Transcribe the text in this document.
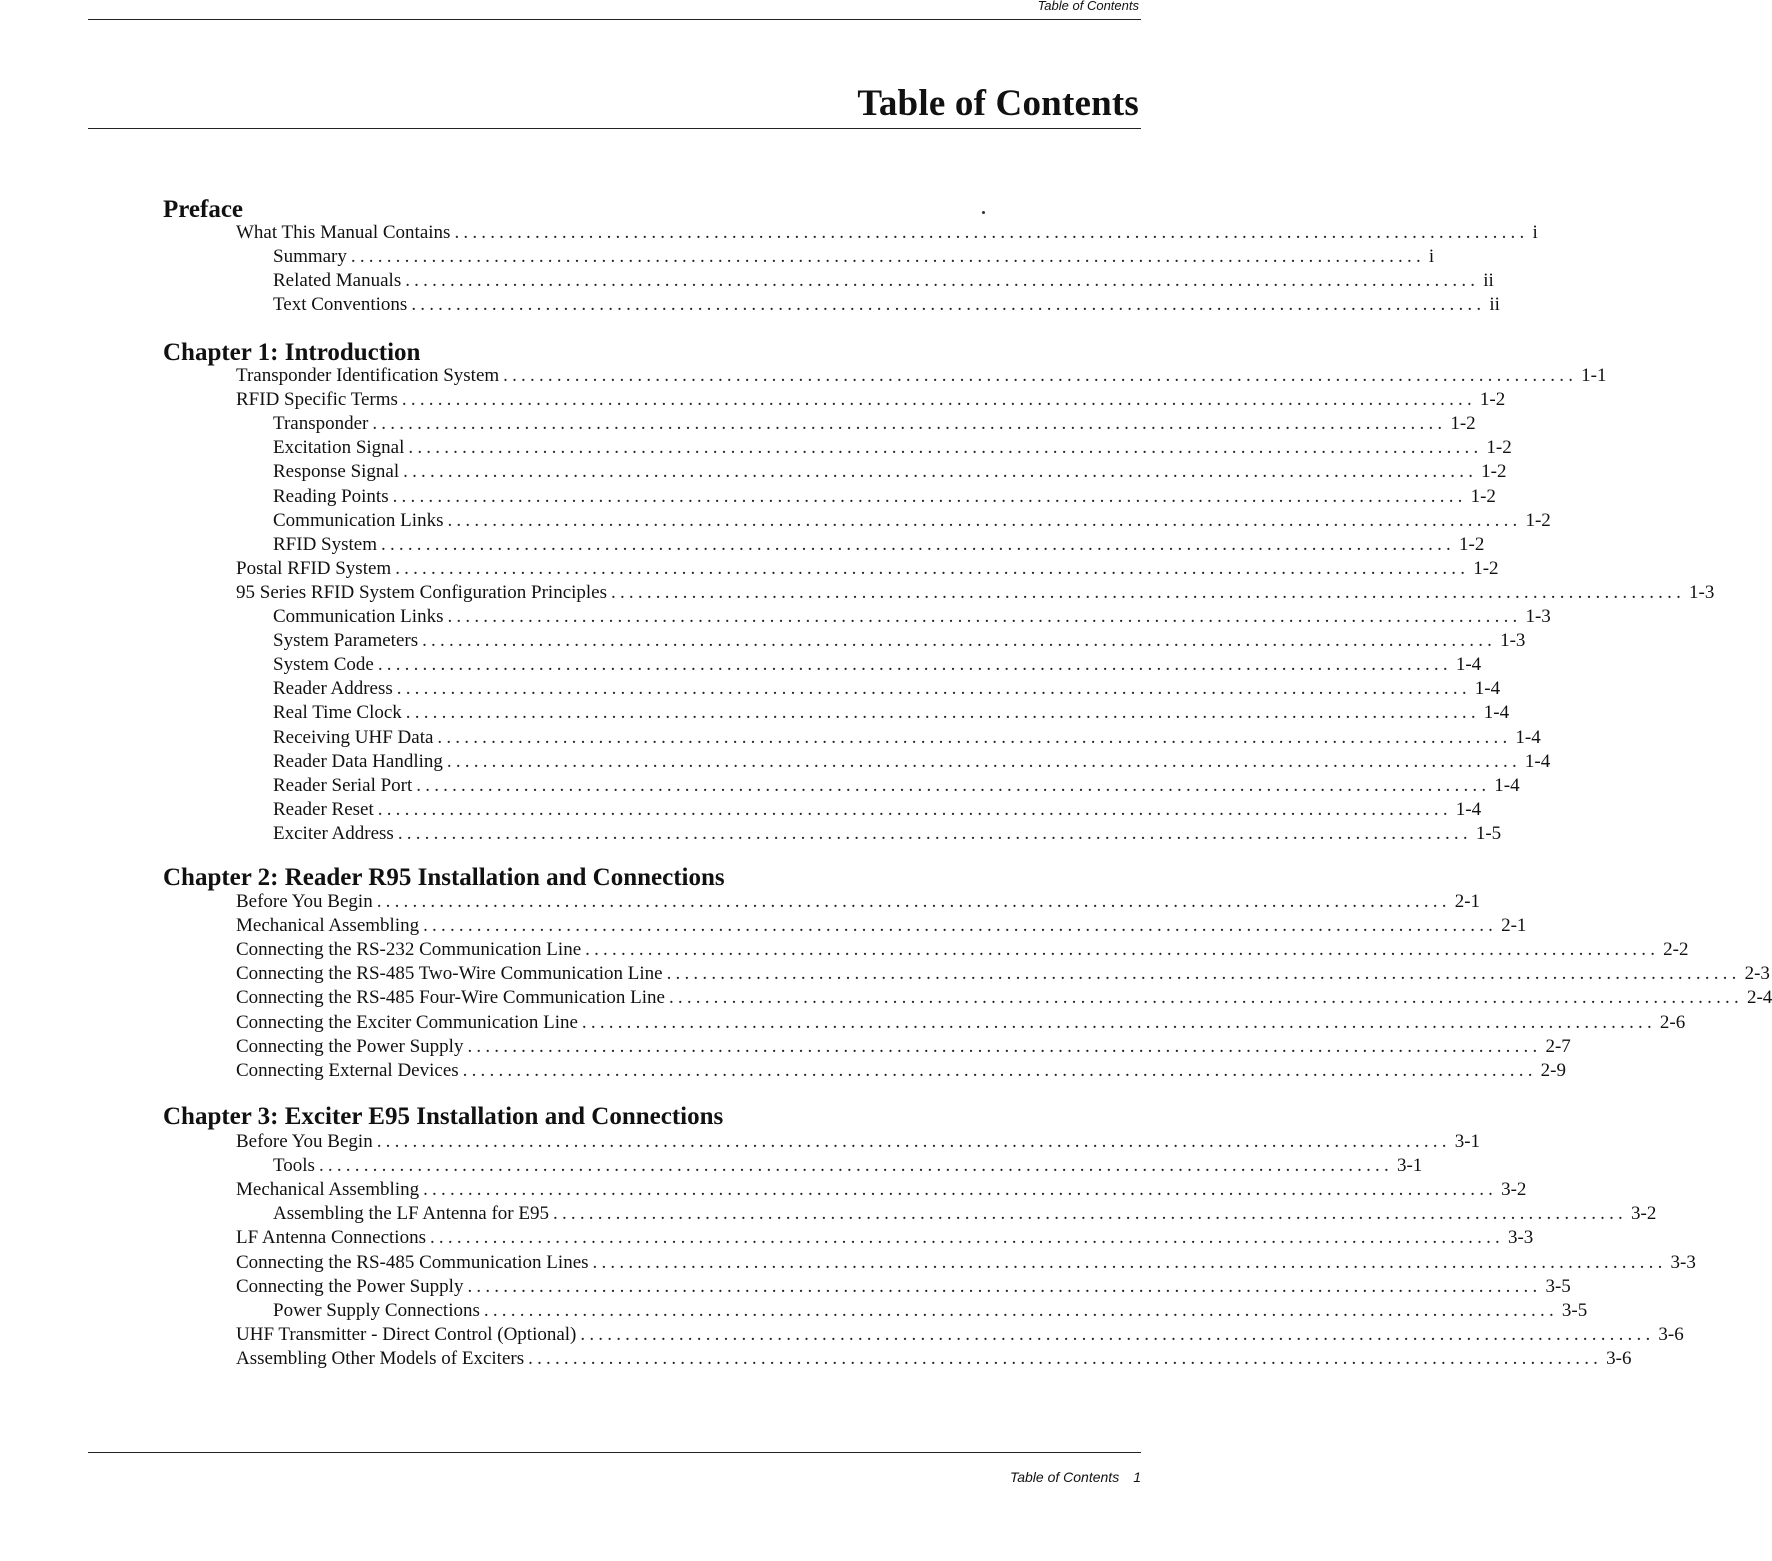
Table of Contents
Table of Contents
Preface
What This Manual Contains ........................................................................................................................ i
Summary ........................................................................................................................ i
Related Manuals ........................................................................................................................ ii
Text Conventions ........................................................................................................................ ii
Chapter 1: Introduction
Transponder Identification System ........................................................................................................................ 1-1
RFID Specific Terms ........................................................................................................................ 1-2
Transponder ........................................................................................................................ 1-2
Excitation Signal ........................................................................................................................ 1-2
Response Signal ........................................................................................................................ 1-2
Reading Points ........................................................................................................................ 1-2
Communication Links ........................................................................................................................ 1-2
RFID System ........................................................................................................................ 1-2
Postal RFID System ........................................................................................................................ 1-2
95 Series RFID System Configuration Principles ........................................................................................................................ 1-3
Communication Links ........................................................................................................................ 1-3
System Parameters ........................................................................................................................ 1-3
System Code ........................................................................................................................ 1-4
Reader Address ........................................................................................................................ 1-4
Real Time Clock ........................................................................................................................ 1-4
Receiving UHF Data ........................................................................................................................ 1-4
Reader Data Handling ........................................................................................................................ 1-4
Reader Serial Port ........................................................................................................................ 1-4
Reader Reset ........................................................................................................................ 1-4
Exciter Address ........................................................................................................................ 1-5
Chapter 2: Reader R95 Installation and Connections
Before You Begin ........................................................................................................................ 2-1
Mechanical Assembling ........................................................................................................................ 2-1
Connecting the RS-232 Communication Line ........................................................................................................................ 2-2
Connecting the RS-485 Two-Wire Communication Line ........................................................................................................................ 2-3
Connecting the RS-485 Four-Wire Communication Line ........................................................................................................................ 2-4
Connecting the Exciter Communication Line ........................................................................................................................ 2-6
Connecting the Power Supply ........................................................................................................................ 2-7
Connecting External Devices ........................................................................................................................ 2-9
Chapter 3: Exciter E95 Installation and Connections
Before You Begin ........................................................................................................................ 3-1
Tools ........................................................................................................................ 3-1
Mechanical Assembling ........................................................................................................................ 3-2
Assembling the LF Antenna for E95 ........................................................................................................................ 3-2
LF Antenna Connections ........................................................................................................................ 3-3
Connecting the RS-485 Communication Lines ........................................................................................................................ 3-3
Connecting the Power Supply ........................................................................................................................ 3-5
Power Supply Connections ........................................................................................................................ 3-5
UHF Transmitter - Direct Control (Optional) ........................................................................................................................ 3-6
Assembling Other Models of Exciters ........................................................................................................................ 3-6
Table of Contents 1
